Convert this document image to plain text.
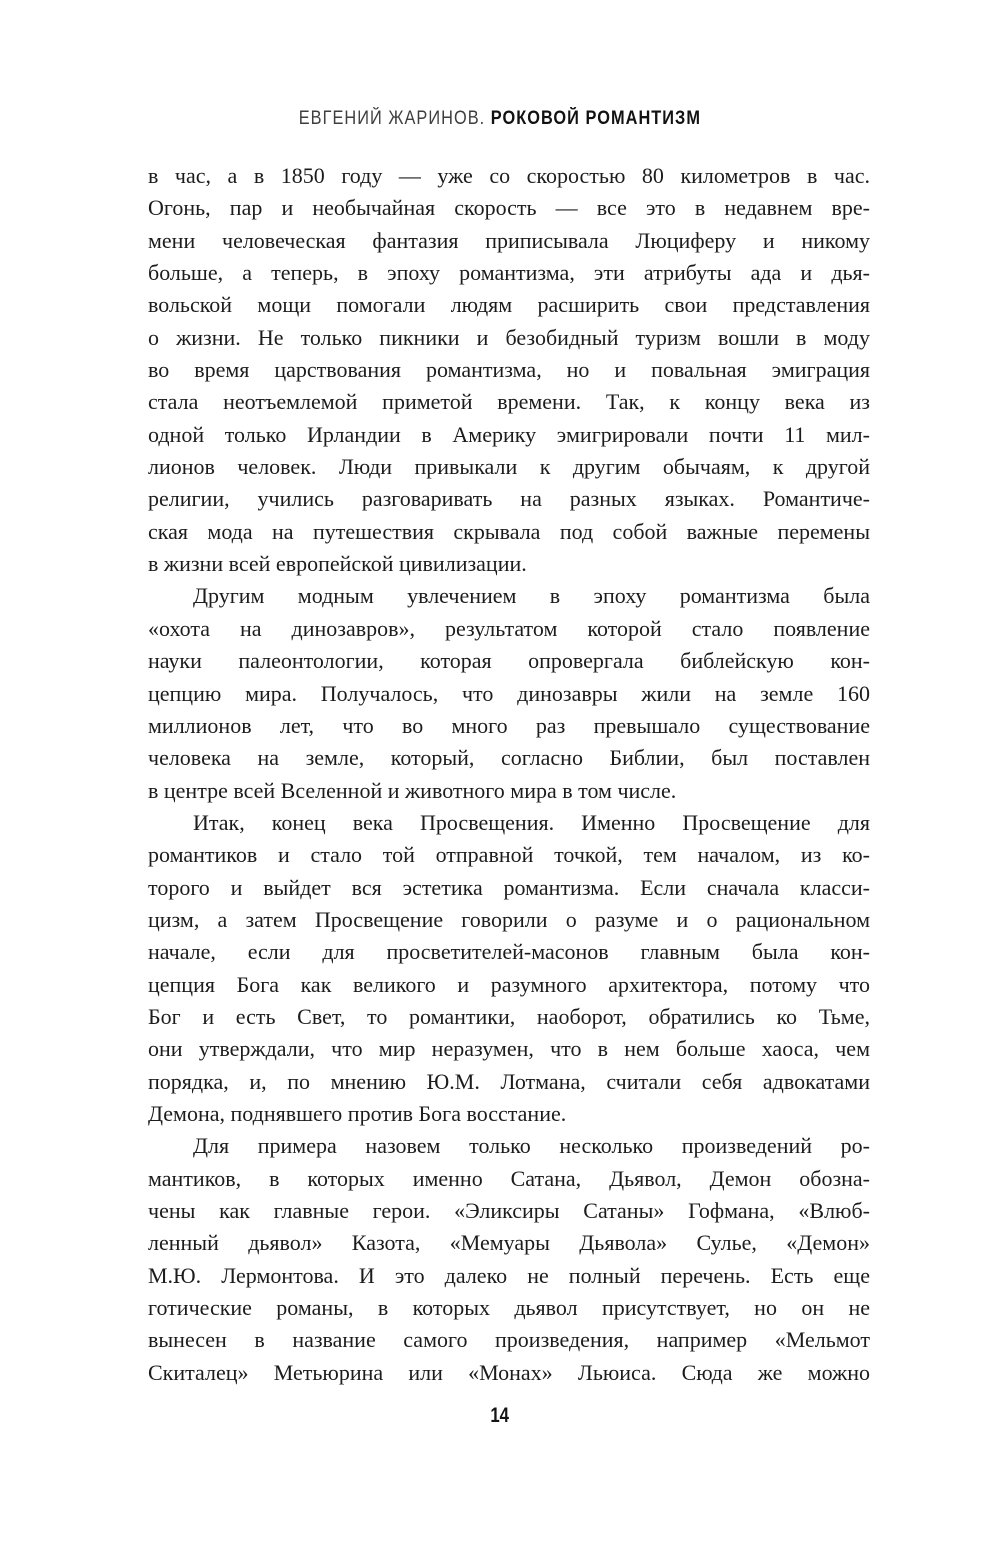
ЕВГЕНИЙ ЖАРИНОВ. РОКОВОЙ РОМАНТИЗМ
в час, а в 1850 году — уже со скоростью 80 километров в час.
Огонь, пар и необычайная скорость — все это в недавнем вре-
мени человеческая фантазия приписывала Люциферу и никому
больше, а теперь, в эпоху романтизма, эти атрибуты ада и дья-
вольской мощи помогали людям расширить свои представления
о жизни. Не только пикники и безобидный туризм вошли в моду
во время царствования романтизма, но и повальная эмиграция
стала неотъемлемой приметой времени. Так, к концу века из
одной только Ирландии в Америку эмигрировали почти 11 мил-
лионов человек. Люди привыкали к другим обычаям, к другой
религии, учились разговаривать на разных языках. Романтиче-
ская мода на путешествия скрывала под собой важные перемены
в жизни всей европейской цивилизации.
Другим модным увлечением в эпоху романтизма была
«охота на динозавров», результатом которой стало появление
науки палеонтологии, которая опровергала библейскую кон-
цепцию мира. Получалось, что динозавры жили на земле 160
миллионов лет, что во много раз превышало существование
человека на земле, который, согласно Библии, был поставлен
в центре всей Вселенной и животного мира в том числе.
Итак, конец века Просвещения. Именно Просвещение для
романтиков и стало той отправной точкой, тем началом, из ко-
торого и выйдет вся эстетика романтизма. Если сначала класси-
цизм, а затем Просвещение говорили о разуме и о рациональном
начале, если для просветителей-масонов главным была кон-
цепция Бога как великого и разумного архитектора, потому что
Бог и есть Свет, то романтики, наоборот, обратились ко Тьме,
они утверждали, что мир неразумен, что в нем больше хаоса, чем
порядка, и, по мнению Ю.М. Лотмана, считали себя адвокатами
Демона, поднявшего против Бога восстание.
Для примера назовем только несколько произведений ро-
мантиков, в которых именно Сатана, Дьявол, Демон обозна-
чены как главные герои. «Эликсиры Сатаны» Гофмана, «Влюб-
ленный дьявол» Казота, «Мемуары Дьявола» Сулье, «Демон»
М.Ю. Лермонтова. И это далеко не полный перечень. Есть еще
готические романы, в которых дьявол присутствует, но он не
вынесен в название самого произведения, например «Мельмот
Скиталец» Метьюрина или «Монах» Льюиса. Сюда же можно
14
